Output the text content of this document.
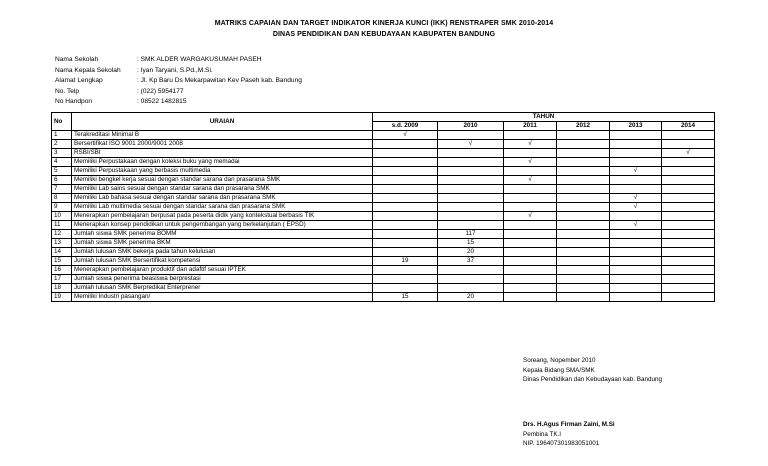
MATRIKS CAPAIAN DAN TARGET INDIKATOR KINERJA KUNCI (IKK) RENSTRAPER SMK 2010-2014
DINAS PENDIDIKAN DAN KEBUDAYAAN KABUPATEN BANDUNG
Nama Sekolah	: SMK ALDER WARGAKUSUMAH PASEH
Nama Kepala Sekolah	: Iyan Taryani, S.Pd.,M.Si.
Alamat Lengkap	: Jl. Kp Baru Ds Mekarpawitan Kev Paseh kab. Bandung
No. Telp	: (022) 5954177
No Handpon	: 08522 1482815
No	URAIAN	TAHUN					
		s.d. 2009	2010	2011	2012	2013	2014
1	Terakreditasi Minimal B	√					
2	Bersertifikat ISO 9001 2000/9001 2008		√	√			
3	RSBI/SBI						√
4	Memiliki Perpustakaan dengan koleksi buku yang memadai			√			
5	Memiliki Perpustakaan yang berbasis multimedia					√	
6	Memiliki bengkel kerja sesuai dengan standar sarana dan prasarana SMK			√			
7	Memiliki Lab sains sesuai dengan standar sarana dan prasarana SMK						
8	Memiliki Lab bahasa sesuai dengan standar sarana dan prasarana SMK					√	
9	Memiliki Lab multimedia sesuai dengan standar sarana dan prasarana SMK					√	
10	Menerapkan pembelajaran berpusat pada peserta didik yang kontekstual berbasis TIK			√			
11	Menerapkan konsep pendidikan untuk pengembangan yang berkelanjutan ( EPSD)					√	
12	Jumlah siswa SMK penerima BOMM		117				
13	Jumlah siswa SMK penerima BKM		15				
14	Jumlah lulusan SMK bekerja pada tahun kelulusan		20				
15	Jumlah lulusan SMK Bersertifikat kompetensi	19	37				
16	Menerapkan pembelajaran produktif dan adaftif sesuai IPTEK						
17	Jumlah siswa penerima beasiswa berprestasi						
18	Jumlah lulusan SMK Berpredikat Enterprener						
19	Memiliki Industri pasangan/	15	20				
Soreang, Nopember 2010
Kepala Bidang SMA/SMK
Dinas Pendidikan dan Kebudayaan kab. Bandung
Drs. H.Agus Firman Zaini, M.Si
Pembina TK.I
NIP. 196407301983051001
